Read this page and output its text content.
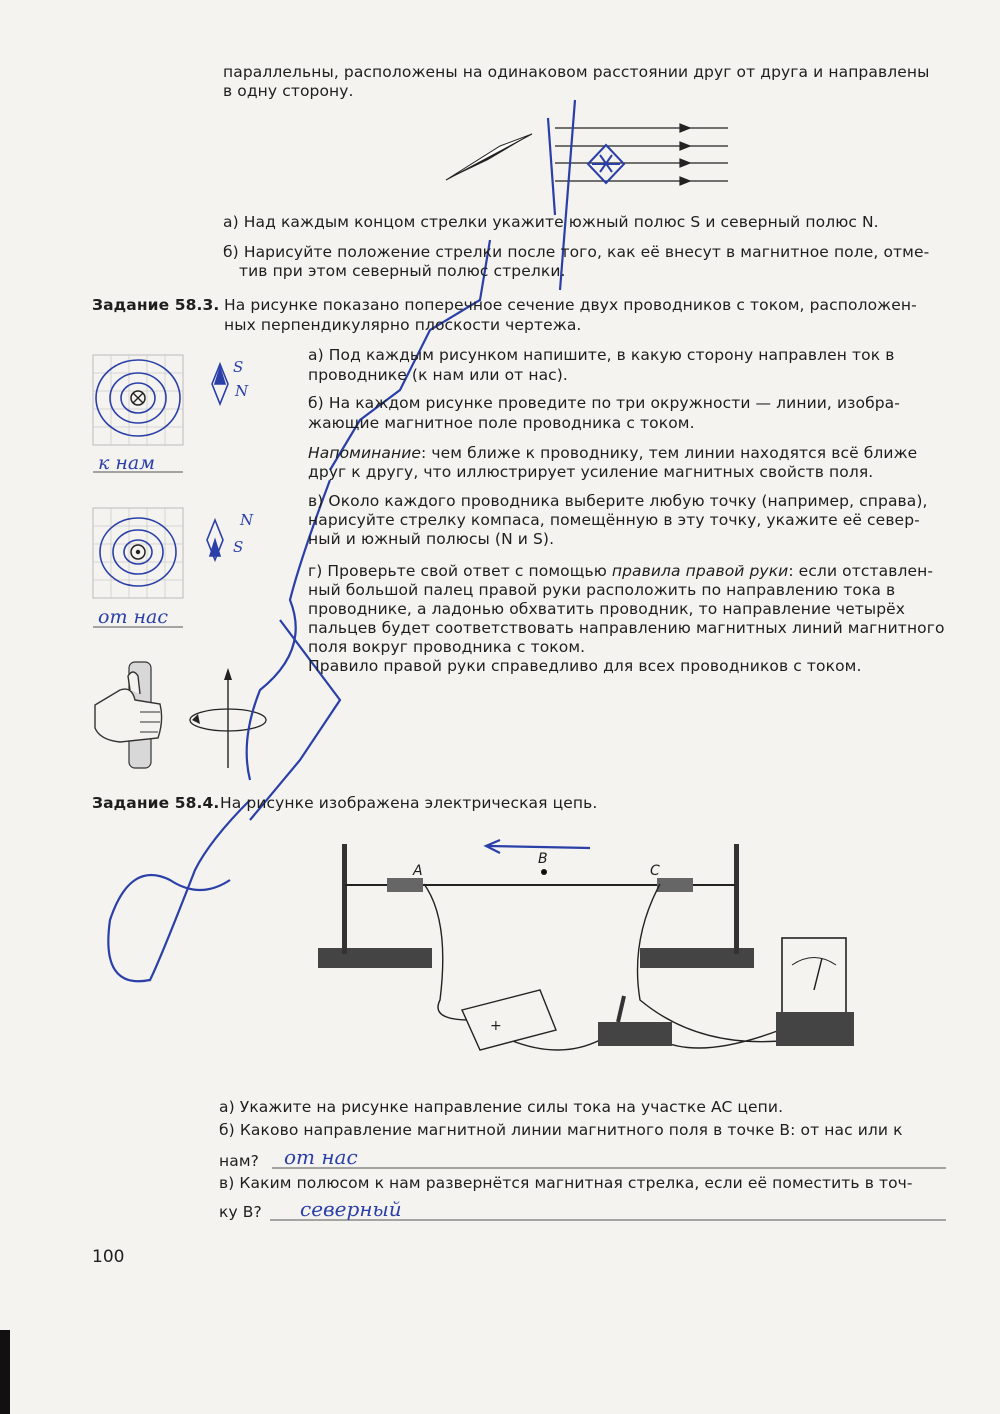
параллельны, расположены на одинаковом расстоянии друг от друга и направлены
в одну сторону.
+
а) Над каждым концом стрелки укажите южный полюс S и северный полюс N.
б) Нарисуйте положение стрелки после того, как её внесут в магнитное поле, отме-
тив при этом северный полюс стрелки.
Задание 58.3. На рисунке показано поперечное сечение двух проводников с током, расположен-
ных перпендикулярно плоскости чертежа.
а) Под каждым рисунком напишите, в какую сторону направлен ток в
проводнике (к нам или от нас).
б) На каждом рисунке проведите по три окружности — линии, изобра-
жающие магнитное поле проводника с током.
Напоминание: чем ближе к проводнику, тем линии находятся всё ближе
друг к другу, что иллюстрирует усиление магнитных свойств поля.
в) Около каждого проводника выберите любую точку (например, справа),
нарисуйте стрелку компаса, помещённую в эту точку, укажите её север-
ный и южный полюсы (N и S).
г) Проверьте свой ответ с помощью правила правой руки: если отставлен-
ный большой палец правой руки расположить по направлению тока в
проводнике, а ладонью обхватить проводник, то направление четырёх
пальцев будет соответствовать направлению магнитных линий магнитного
поля вокруг проводника с током.
Правило правой руки справедливо для всех проводников с током.
к нам
от нас
S
N
N
S
Задание 58.4. На рисунке изображена электрическая цепь.
A
B
C
а) Укажите на рисунке направление силы тока на участке AC цепи.
б) Каково направление магнитной линии магнитного поля в точке B: от нас или к
нам? от нас
в) Каким полюсом к нам развернётся магнитная стрелка, если её поместить в точ-
ку B? северный
100
